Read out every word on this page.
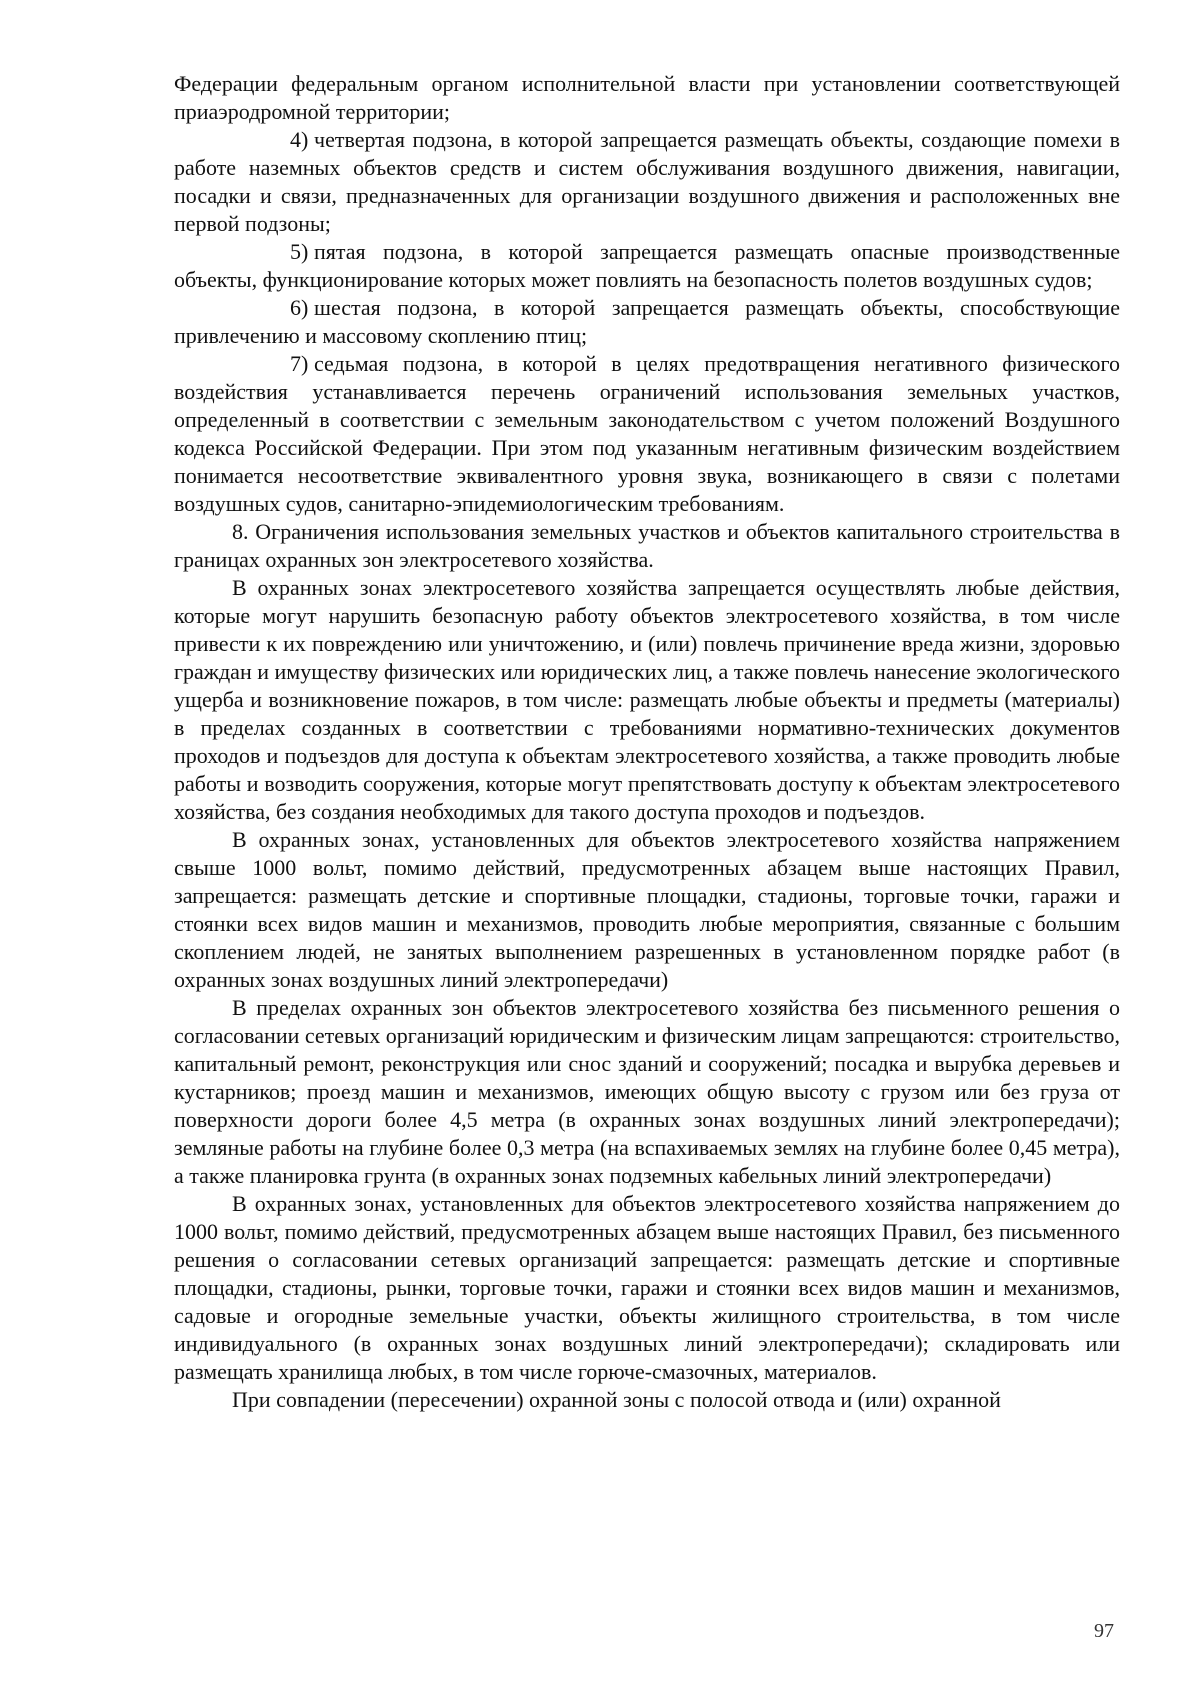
Федерации федеральным органом исполнительной власти при установлении соответствующей приаэродромной территории;

4) четвертая подзона, в которой запрещается размещать объекты, создающие помехи в работе наземных объектов средств и систем обслуживания воздушного движения, навигации, посадки и связи, предназначенных для организации воздушного движения и расположенных вне первой подзоны;

5) пятая подзона, в которой запрещается размещать опасные производственные объекты, функционирование которых может повлиять на безопасность полетов воздушных судов;

6) шестая подзона, в которой запрещается размещать объекты, способствующие привлечению и массовому скоплению птиц;

7) седьмая подзона, в которой в целях предотвращения негативного физического воздействия устанавливается перечень ограничений использования земельных участков, определенный в соответствии с земельным законодательством с учетом положений Воздушного кодекса Российской Федерации. При этом под указанным негативным физическим воздействием понимается несоответствие эквивалентного уровня звука, возникающего в связи с полетами воздушных судов, санитарно-эпидемиологическим требованиям.

8. Ограничения использования земельных участков и объектов капитального строительства в границах охранных зон электросетевого хозяйства.

В охранных зонах электросетевого хозяйства запрещается осуществлять любые действия, которые могут нарушить безопасную работу объектов электросетевого хозяйства, в том числе привести к их повреждению или уничтожению, и (или) повлечь причинение вреда жизни, здоровью граждан и имуществу физических или юридических лиц, а также повлечь нанесение экологического ущерба и возникновение пожаров, в том числе: размещать любые объекты и предметы (материалы) в пределах созданных в соответствии с требованиями нормативно-технических документов проходов и подъездов для доступа к объектам электросетевого хозяйства, а также проводить любые работы и возводить сооружения, которые могут препятствовать доступу к объектам электросетевого хозяйства, без создания необходимых для такого доступа проходов и подъездов.

В охранных зонах, установленных для объектов электросетевого хозяйства напряжением свыше 1000 вольт, помимо действий, предусмотренных абзацем выше настоящих Правил, запрещается: размещать детские и спортивные площадки, стадионы, торговые точки, гаражи и стоянки всех видов машин и механизмов, проводить любые мероприятия, связанные с большим скоплением людей, не занятых выполнением разрешенных в установленном порядке работ (в охранных зонах воздушных линий электропередачи)

В пределах охранных зон объектов электросетевого хозяйства без письменного решения о согласовании сетевых организаций юридическим и физическим лицам запрещаются: строительство, капитальный ремонт, реконструкция или снос зданий и сооружений; посадка и вырубка деревьев и кустарников; проезд машин и механизмов, имеющих общую высоту с грузом или без груза от поверхности дороги более 4,5 метра (в охранных зонах воздушных линий электропередачи); земляные работы на глубине более 0,3 метра (на вспахиваемых землях на глубине более 0,45 метра), а также планировка грунта (в охранных зонах подземных кабельных линий электропередачи)

В охранных зонах, установленных для объектов электросетевого хозяйства напряжением до 1000 вольт, помимо действий, предусмотренных абзацем выше настоящих Правил, без письменного решения о согласовании сетевых организаций запрещается: размещать детские и спортивные площадки, стадионы, рынки, торговые точки, гаражи и стоянки всех видов машин и механизмов, садовые и огородные земельные участки, объекты жилищного строительства, в том числе индивидуального (в охранных зонах воздушных линий электропередачи); складировать или размещать хранилища любых, в том числе горюче-смазочных, материалов.

При совпадении (пересечении) охранной зоны с полосой отвода и (или) охранной

97
